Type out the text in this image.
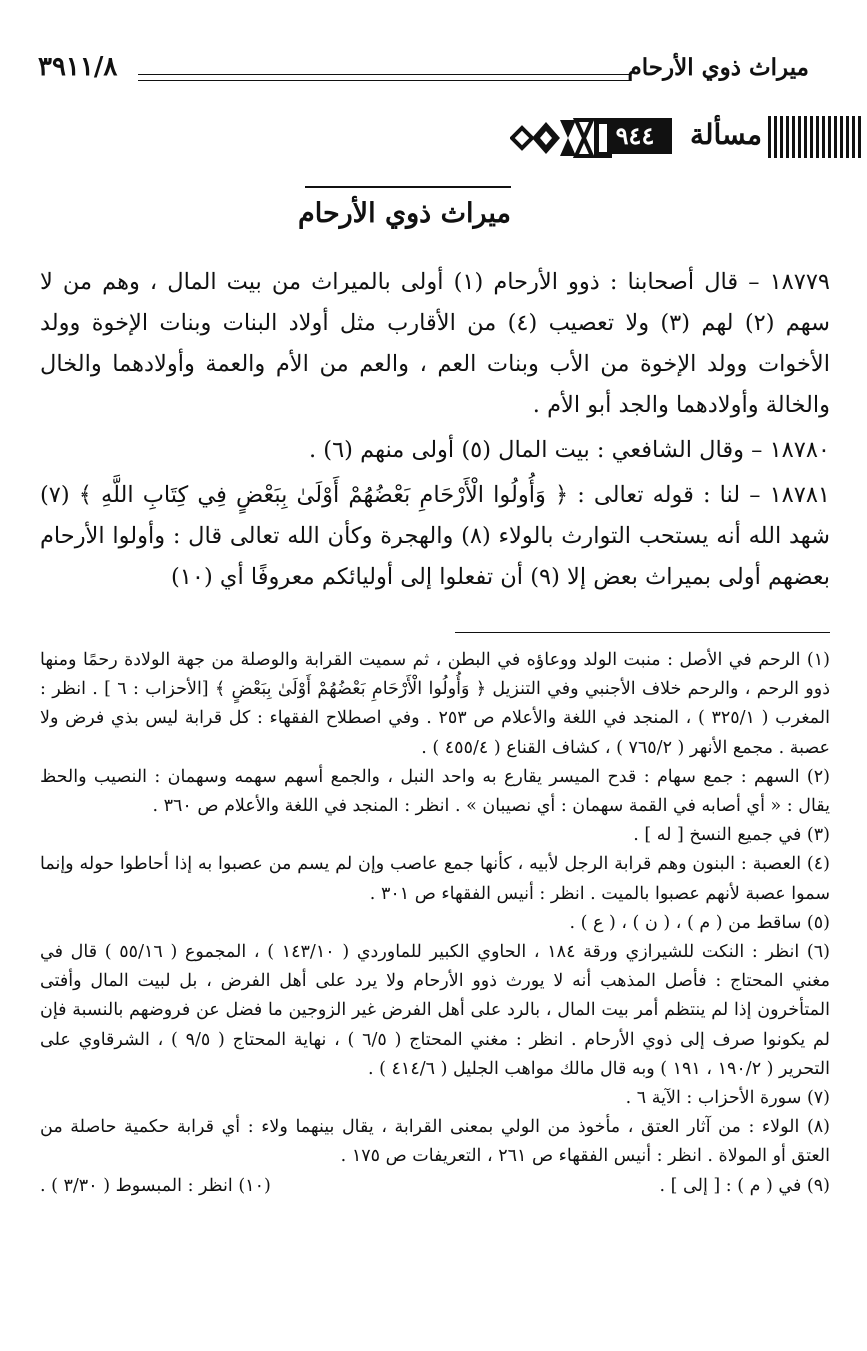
ميراث ذوي الأرحام
٣٩١١/٨
مسألة
٩٤٤
ميراث ذوي الأرحام

١٨٧٧٩ – قال أصحابنا : ذوو الأرحام (١) أولى بالميراث من بيت المال ، وهم من لا سهم (٢) لهم (٣) ولا تعصيب (٤) من الأقارب مثل أولاد البنات وبنات الإخوة وولد الأخوات وولد الإخوة من الأب وبنات العم ، والعم من الأم والعمة وأولادهما والخال والخالة وأولادهما والجد أبو الأم .

١٨٧٨٠ – وقال الشافعي : بيت المال (٥) أولى منهم (٦) .

١٨٧٨١ – لنا : قوله تعالى : ﴿ وَأُولُوا الْأَرْحَامِ بَعْضُهُمْ أَوْلَىٰ بِبَعْضٍ فِي كِتَابِ اللَّهِ ﴾ (٧) شهد الله أنه يستحب التوارث بالولاء (٨) والهجرة وكأن الله تعالى قال : وأولوا الأرحام بعضهم أولى بميراث بعض إلا (٩) أن تفعلوا إلى أوليائكم معروفًا أي (١٠)

(١) الرحم في الأصل : منبت الولد ووعاؤه في البطن ، ثم سميت القرابة والوصلة من جهة الولادة رحمًا ومنها ذوو الرحم ، والرحم خلاف الأجنبي وفي التنزيل ﴿ وَأُولُوا الْأَرْحَامِ بَعْضُهُمْ أَوْلَىٰ بِبَعْضٍ ﴾ [الأحزاب : ٦ ] . انظر : المغرب ( ٣٢٥/١ ) ، المنجد في اللغة والأعلام ص ٢٥٣ . وفي اصطلاح الفقهاء : كل قرابة ليس بذي فرض ولا عصبة . مجمع الأنهر ( ٧٦٥/٢ ) ، كشاف القناع ( ٤٥٥/٤ ) .

(٢) السهم : جمع سهام : قدح الميسر يقارع به واحد النبل ، والجمع أسهم سهمه وسهمان : النصيب والحظ يقال : « أي أصابه في القمة سهمان : أي نصيبان » . انظر : المنجد في اللغة والأعلام ص ٣٦٠ .

(٣) في جميع النسخ [ له ] .

(٤) العصبة : البنون وهم قرابة الرجل لأبيه ، كأنها جمع عاصب وإن لم يسم من عصبوا به إذا أحاطوا حوله وإنما سموا عصبة لأنهم عصبوا بالميت . انظر : أنيس الفقهاء ص ٣٠١ .

(٥) ساقط من ( م ) ، ( ن ) ، ( ع ) .

(٦) انظر : النكت للشيرازي ورقة ١٨٤ ، الحاوي الكبير للماوردي ( ١٤٣/١٠ ) ، المجموع ( ٥٥/١٦ ) قال في مغني المحتاج : فأصل المذهب أنه لا يورث ذوو الأرحام ولا يرد على أهل الفرض ، بل لبيت المال وأفتى المتأخرون إذا لم ينتظم أمر بيت المال ، بالرد على أهل الفرض غير الزوجين ما فضل عن فروضهم بالنسبة فإن لم يكونوا صرف إلى ذوي الأرحام . انظر : مغني المحتاج ( ٦/٥ ) ، نهاية المحتاج ( ٩/٥ ) ، الشرقاوي على التحرير ( ١٩٠/٢ ، ١٩١ ) وبه قال مالك مواهب الجليل ( ٤١٤/٦ ) .

(٧) سورة الأحزاب : الآية ٦ .

(٨) الولاء : من آثار العتق ، مأخوذ من الولي بمعنى القرابة ، يقال بينهما ولاء : أي قرابة حكمية حاصلة من العتق أو المولاة . انظر : أنيس الفقهاء ص ٢٦١ ، التعريفات ص ١٧٥ .

(٩) في ( م ) : [ إلى ] .
(١٠) انظر : المبسوط ( ٣/٣٠ ) .
